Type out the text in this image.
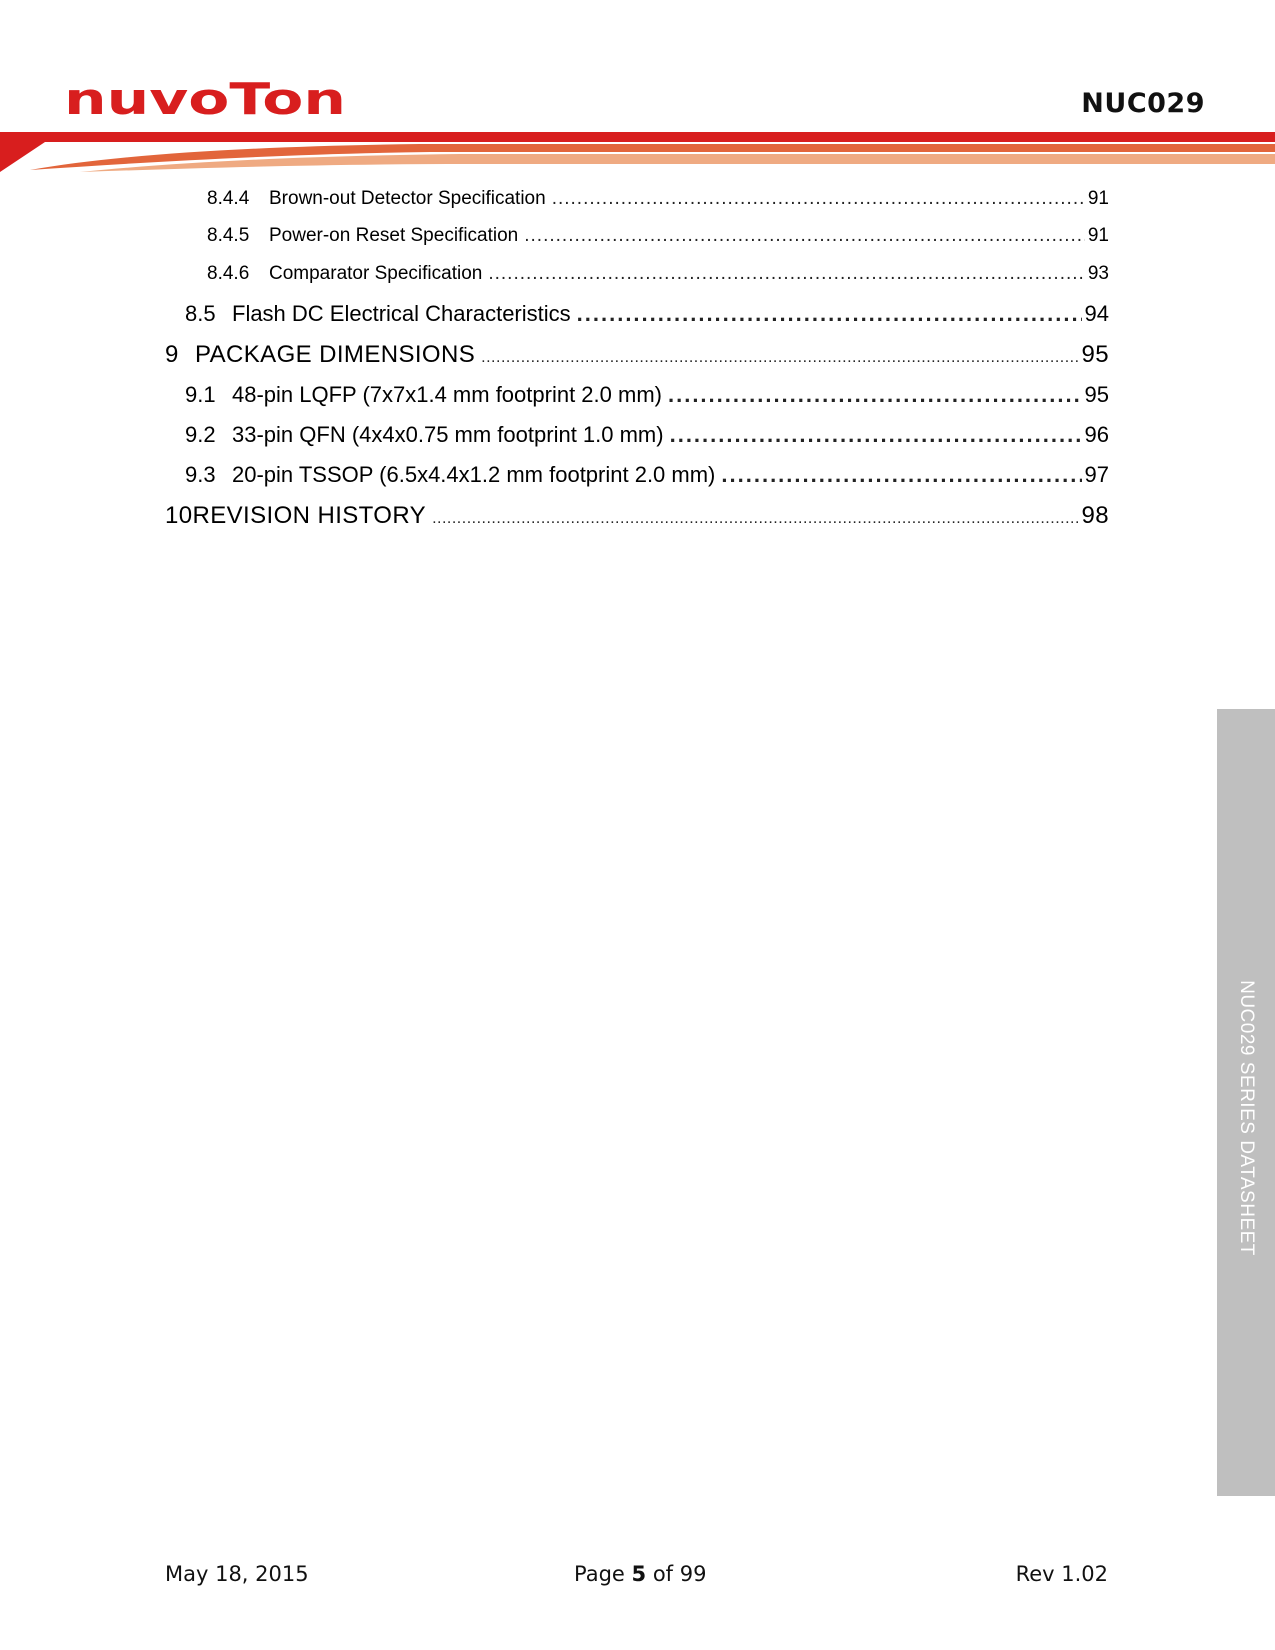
nuvoTon	NUC029
8.4.4	Brown-out Detector Specification .....	91
8.4.5	Power-on Reset Specification .....	91
8.4.6	Comparator Specification .....	93
8.5 Flash DC Electrical Characteristics .....	94
9 PACKAGE DIMENSIONS .....	95
9.1 48-pin LQFP (7x7x1.4 mm footprint 2.0 mm) .....	95
9.2 33-pin QFN (4x4x0.75 mm footprint 1.0 mm) .....	96
9.3 20-pin TSSOP (6.5x4.4x1.2 mm footprint 2.0 mm) .....	97
10 REVISION HISTORY .....	98
NUC029 SERIES DATASHEET
May 18, 2015	Page 5 of 99	Rev 1.02
